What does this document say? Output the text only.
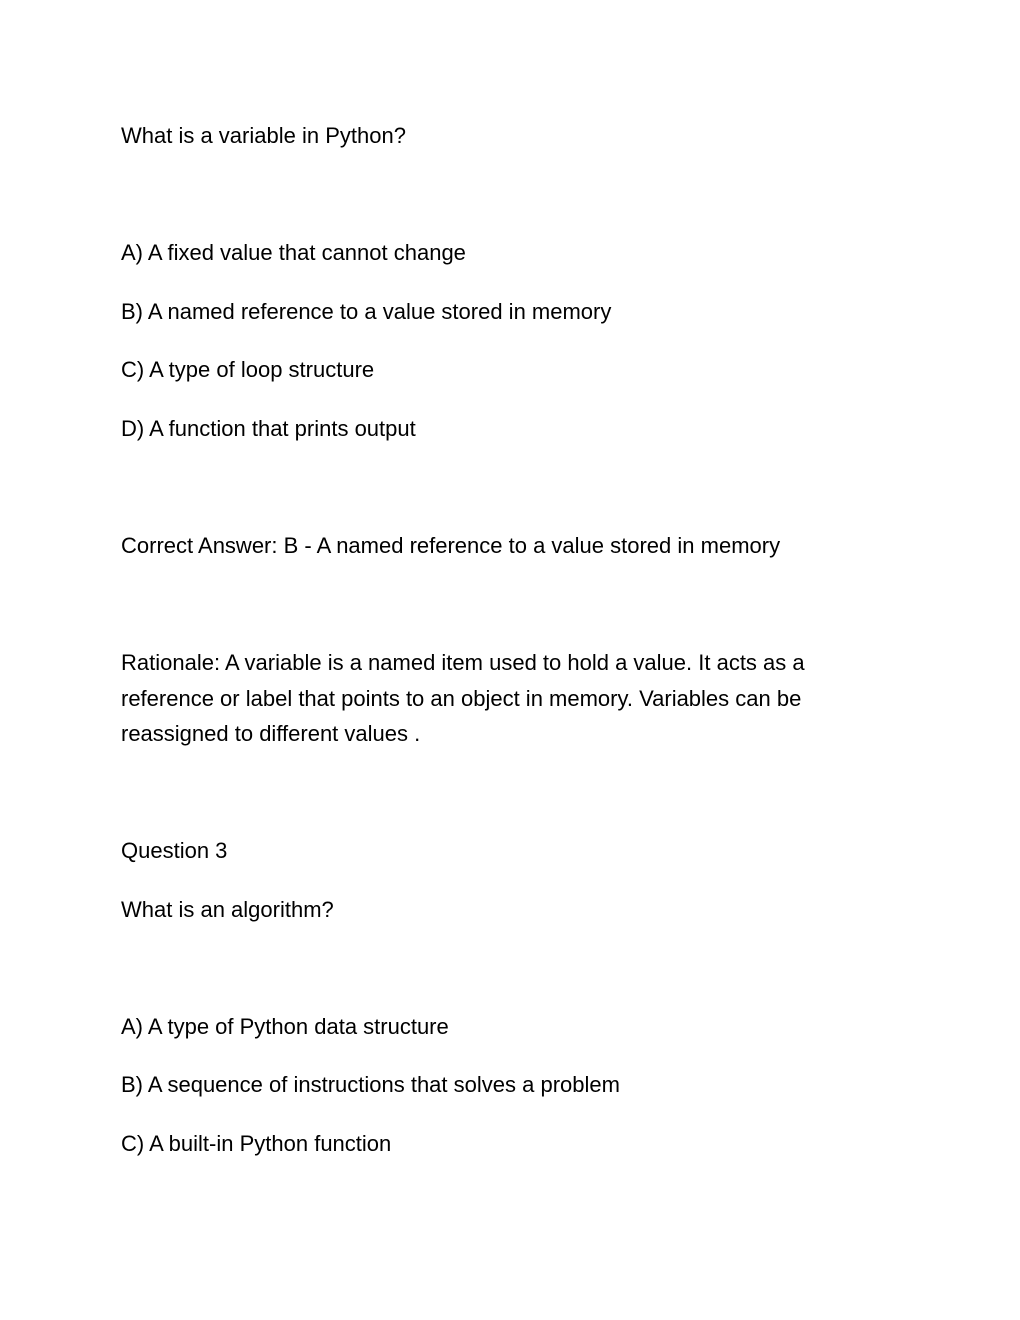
What is a variable in Python?

A) A fixed value that cannot change

B) A named reference to a value stored in memory

C) A type of loop structure

D) A function that prints output

Correct Answer: B - A named reference to a value stored in memory

Rationale: A variable is a named item used to hold a value. It acts as a reference or label that points to an object in memory. Variables can be reassigned to different values .

Question 3

What is an algorithm?

A) A type of Python data structure

B) A sequence of instructions that solves a problem

C) A built-in Python function
